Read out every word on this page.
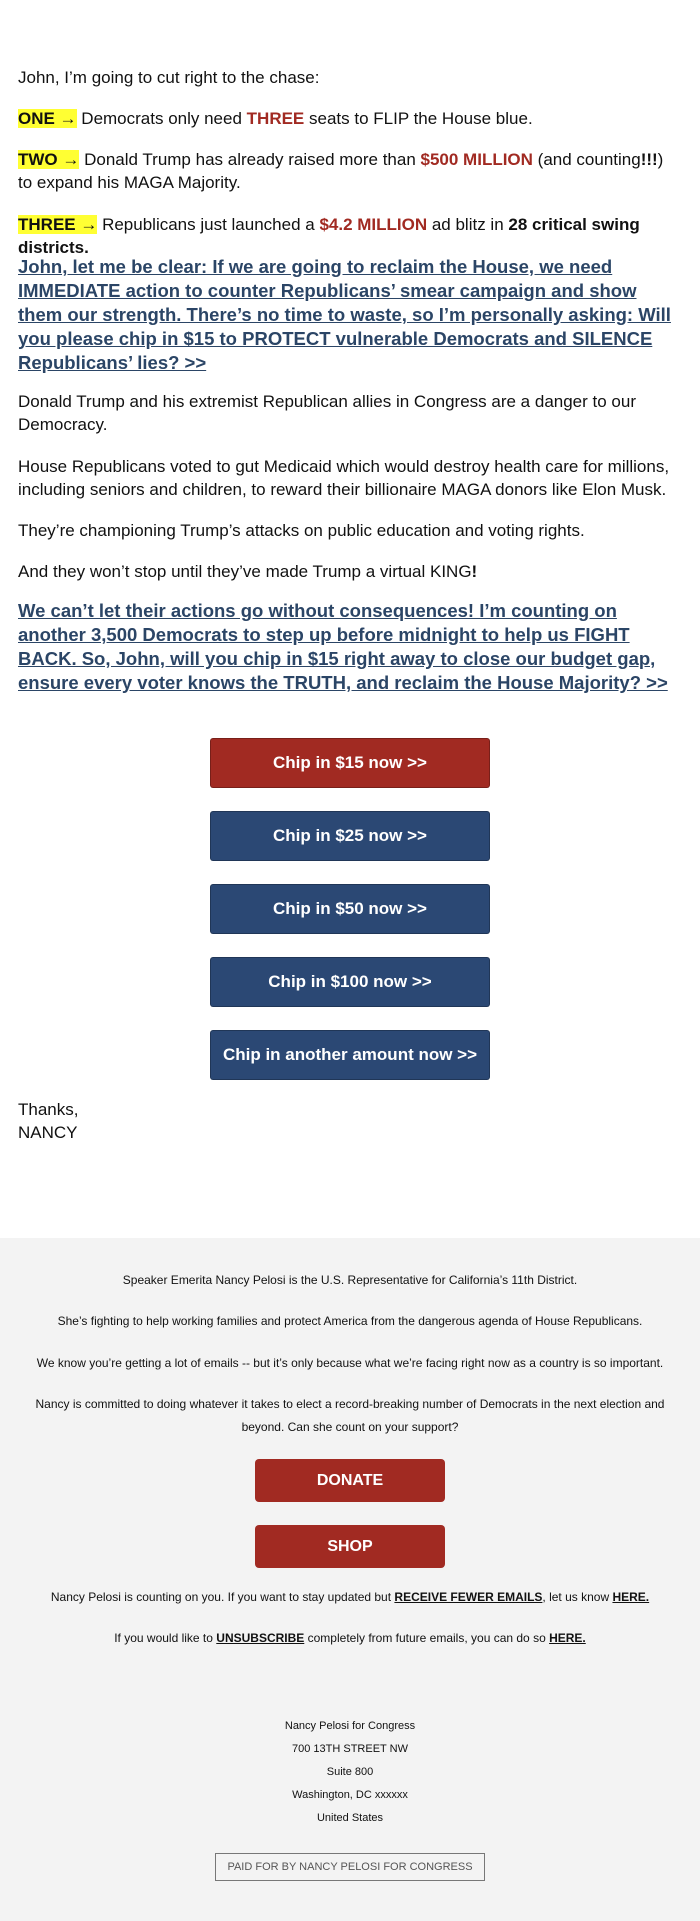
John, I’m going to cut right to the chase:

ONE → Democrats only need THREE seats to FLIP the House blue.

TWO → Donald Trump has already raised more than $500 MILLION (and counting!!!) to expand his MAGA Majority.

THREE → Republicans just launched a $4.2 MILLION ad blitz in 28 critical swing districts.

John, let me be clear: If we are going to reclaim the House, we need IMMEDIATE action to counter Republicans’ smear campaign and show them our strength. There’s no time to waste, so I’m personally asking: Will you please chip in $15 to PROTECT vulnerable Democrats and SILENCE Republicans’ lies? >>

Donald Trump and his extremist Republican allies in Congress are a danger to our Democracy.

House Republicans voted to gut Medicaid which would destroy health care for millions, including seniors and children, to reward their billionaire MAGA donors like Elon Musk.

They’re championing Trump’s attacks on public education and voting rights.

And they won’t stop until they’ve made Trump a virtual KING!

We can’t let their actions go without consequences! I’m counting on another 3,500 Democrats to step up before midnight to help us FIGHT BACK. So, John, will you chip in $15 right away to close our budget gap, ensure every voter knows the TRUTH, and reclaim the House Majority? >>

Chip in $15 now >>
Chip in $25 now >>
Chip in $50 now >>
Chip in $100 now >>
Chip in another amount now >>

Thanks,

NANCY

Speaker Emerita Nancy Pelosi is the U.S. Representative for California’s 11th District.

She’s fighting to help working families and protect America from the dangerous agenda of House Republicans.

We know you’re getting a lot of emails -- but it’s only because what we’re facing right now as a country is so important.

Nancy is committed to doing whatever it takes to elect a record-breaking number of Democrats in the next election and beyond. Can she count on your support?

DONATE
SHOP

Nancy Pelosi is counting on you. If you want to stay updated but RECEIVE FEWER EMAILS, let us know HERE.

If you would like to UNSUBSCRIBE completely from future emails, you can do so HERE.

Nancy Pelosi for Congress
700 13TH STREET NW
Suite 800
Washington, DC xxxxxx
United States
PAID FOR BY NANCY PELOSI FOR CONGRESS
